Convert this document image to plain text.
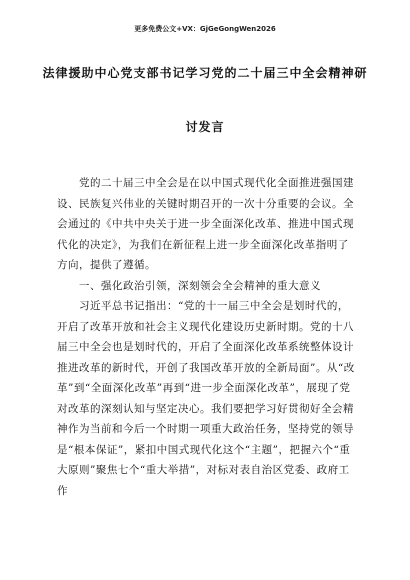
更多免费公文+VX：GjGeGongWen2026
法律援助中心党支部书记学习党的二十届三中全会精神研
讨发言

　　党的二十届三中全会是在以中国式现代化全面推进强国建设、民族复兴伟业的关键时期召开的一次十分重要的会议。全会通过的《中共中央关于进一步全面深化改革、推进中国式现代化的决定》，为我们在新征程上进一步全面深化改革指明了方向，提供了遵循。

　　一、强化政治引领，深刻领会全会精神的重大意义

　　习近平总书记指出：“党的十一届三中全会是划时代的，开启了改革开放和社会主义现代化建设历史新时期。党的十八届三中全会也是划时代的，开启了全面深化改革系统整体设计推进改革的新时代，开创了我国改革开放的全新局面”。从“改革”到“全面深化改革”再到“进一步全面深化改革”，展现了党对改革的深刻认知与坚定决心。我们要把学习好贯彻好全会精神作为当前和今后一个时期一项重大政治任务，坚持党的领导是“根本保证”，紧扣中国式现代化这个“主题”，把握六个“重大原则”聚焦七个“重大举措”，对标对表自治区党委、政府工作
